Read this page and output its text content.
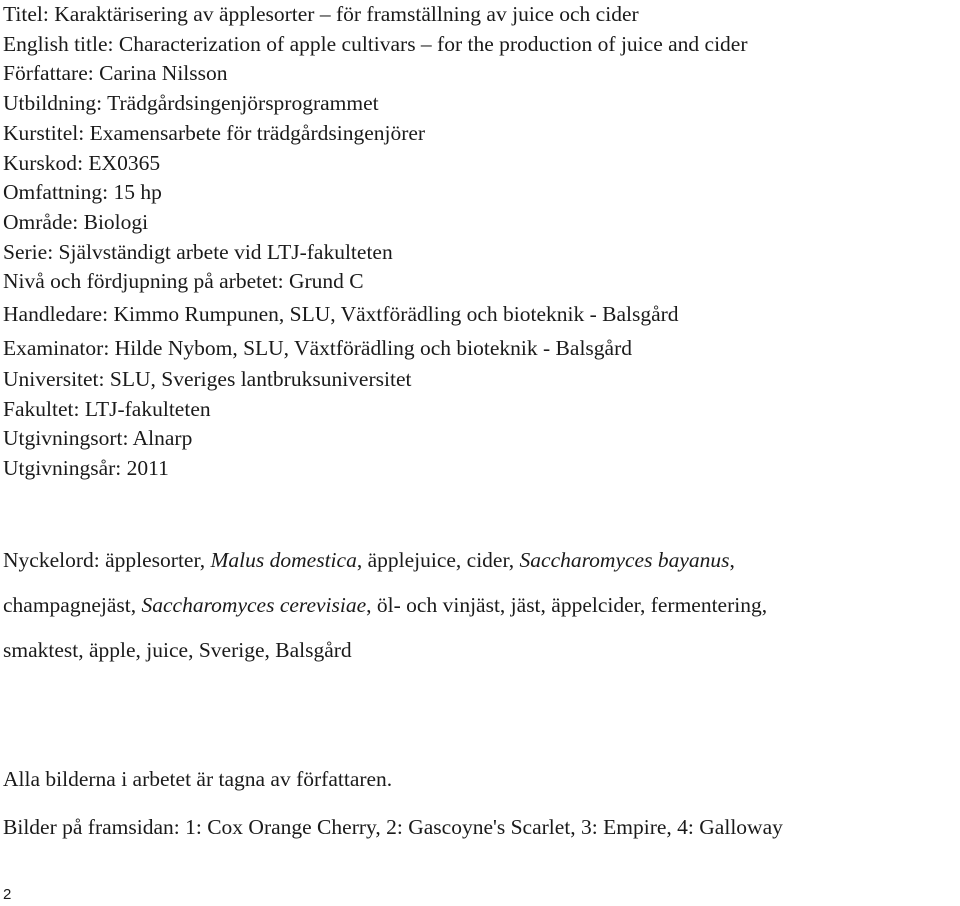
Titel: Karaktärisering av äpplesorter – för framställning av juice och cider
English title: Characterization of apple cultivars – for the production of juice and cider
Författare: Carina Nilsson
Utbildning: Trädgårdsingenjörsprogrammet
Kurstitel: Examensarbete för trädgårdsingenjörer
Kurskod: EX0365
Omfattning: 15 hp
Område: Biologi
Serie: Självständigt arbete vid LTJ-fakulteten
Nivå och fördjupning på arbetet: Grund C
Handledare: Kimmo Rumpunen, SLU, Växtförädling och bioteknik - Balsgård
Examinator: Hilde Nybom, SLU, Växtförädling och bioteknik - Balsgård
Universitet: SLU, Sveriges lantbruksuniversitet
Fakultet: LTJ-fakulteten
Utgivningsort: Alnarp
Utgivningsår: 2011
Nyckelord: äpplesorter, Malus domestica, äpplejuice, cider, Saccharomyces bayanus,
champagnejäst, Saccharomyces cerevisiae, öl- och vinjäst, jäst, äppelcider, fermentering,
smaktest, äpple, juice, Sverige, Balsgård
Alla bilderna i arbetet är tagna av författaren.
Bilder på framsidan: 1: Cox Orange Cherry, 2: Gascoyne's Scarlet, 3: Empire, 4: Galloway
2
